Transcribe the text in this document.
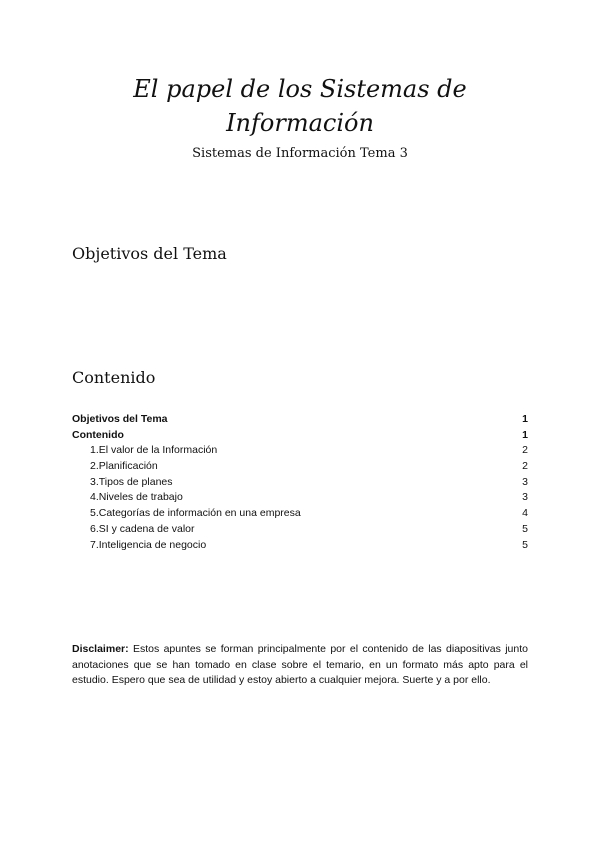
El papel de los Sistemas de
Información
Sistemas de Información Tema 3
Objetivos del Tema
Contenido
Objetivos del Tema	1
Contenido	1
1.El valor de la Información	2
2.Planificación	2
3.Tipos de planes	3
4.Niveles de trabajo	3
5.Categorías de información en una empresa	4
6.SI y cadena de valor	5
7.Inteligencia de negocio	5

Disclaimer: Estos apuntes se forman principalmente por el contenido de las diapositivas junto anotaciones que se han tomado en clase sobre el temario, en un formato más apto para el estudio. Espero que sea de utilidad y estoy abierto a cualquier mejora. Suerte y a por ello.
